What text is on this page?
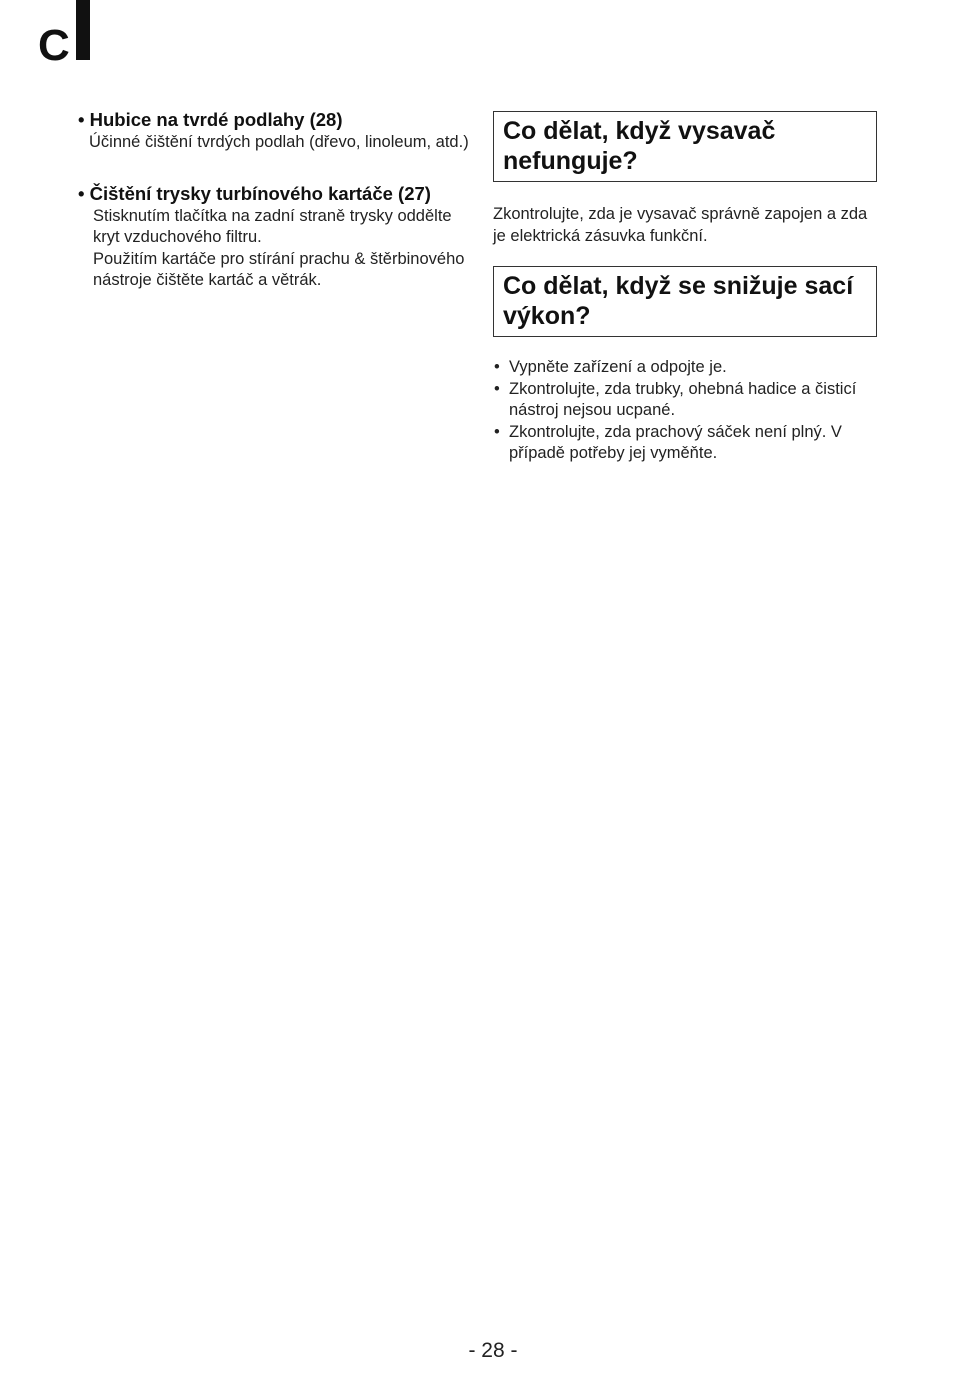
C
• Hubice na tvrdé podlahy (28)

Účinné čištění tvrdých podlah (dřevo, linoleum, atd.)

• Čištění trysky turbínového kartáče (27)

Stisknutím tlačítka na zadní straně trysky oddělte kryt vzduchového filtru.

Použitím kartáče pro stírání prachu & štěrbinového nástroje čištěte kartáč a větrák.

Co dělat, když vysavač nefunguje?

Zkontrolujte, zda je vysavač správně zapojen a zda je elektrická zásuvka funkční.

Co dělat, když se snižuje sací výkon?
• Vypněte zařízení a odpojte je.
• Zkontrolujte, zda trubky, ohebná hadice a čisticí nástroj nejsou ucpané.
• Zkontrolujte, zda prachový sáček není plný. V případě potřeby jej vyměňte.
- 28 -
